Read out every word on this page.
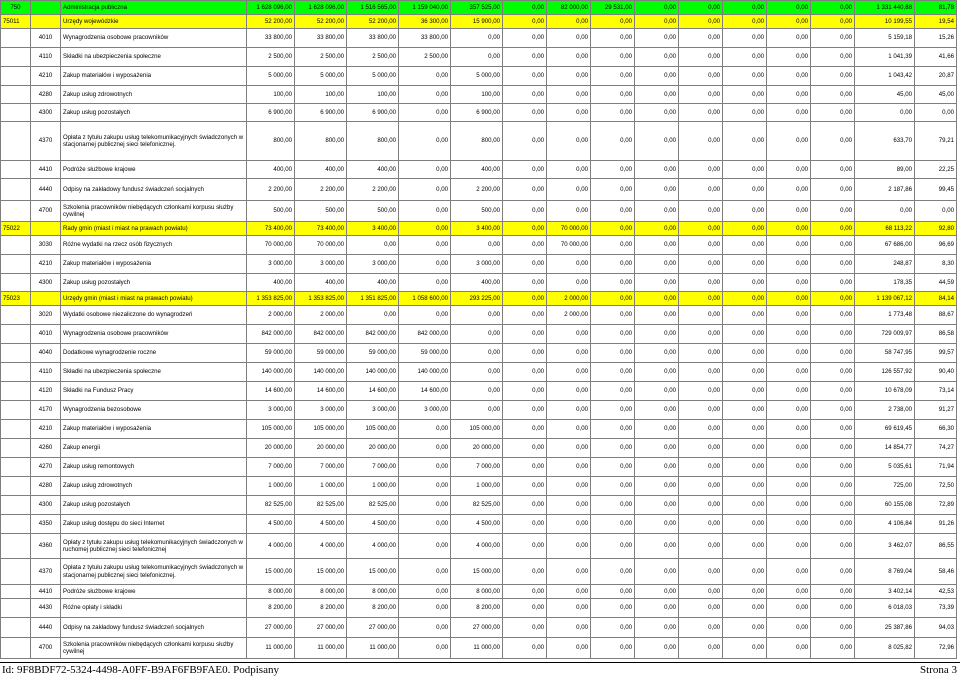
750		Administracja publiczna	1 628 096,00	1 628 096,00	1 516 565,00	1 159 040,00	357 525,00	0,00	82 000,00	29 531,00	0,00	0,00	0,00	0,00	0,00	1 331 440,88	81,78
75011		Urzędy wojewódzkie	52 200,00	52 200,00	52 200,00	36 300,00	15 900,00	0,00	0,00	0,00	0,00	0,00	0,00	0,00	0,00	10 199,55	19,54
	4010	Wynagrodzenia osobowe pracowników	33 800,00	33 800,00	33 800,00	33 800,00	0,00	0,00	0,00	0,00	0,00	0,00	0,00	0,00	0,00	5 159,18	15,26
	4110	Składki na ubezpieczenia społeczne	2 500,00	2 500,00	2 500,00	2 500,00	0,00	0,00	0,00	0,00	0,00	0,00	0,00	0,00	0,00	1 041,39	41,66
	4210	Zakup materiałów i wyposażenia	5 000,00	5 000,00	5 000,00	0,00	5 000,00	0,00	0,00	0,00	0,00	0,00	0,00	0,00	0,00	1 043,42	20,87
	4280	Zakup usług zdrowotnych	100,00	100,00	100,00	0,00	100,00	0,00	0,00	0,00	0,00	0,00	0,00	0,00	0,00	45,00	45,00
	4300	Zakup usług pozostałych	6 900,00	6 900,00	6 900,00	0,00	6 900,00	0,00	0,00	0,00	0,00	0,00	0,00	0,00	0,00	0,00	0,00
	4370	Opłata z tytułu zakupu usług telekomunikacyjnych świadczonych w stacjonarnej publicznej sieci telefonicznej.	800,00	800,00	800,00	0,00	800,00	0,00	0,00	0,00	0,00	0,00	0,00	0,00	0,00	633,70	79,21
	4410	Podróże służbowe krajowe	400,00	400,00	400,00	0,00	400,00	0,00	0,00	0,00	0,00	0,00	0,00	0,00	0,00	89,00	22,25
	4440	Odpisy na zakładowy fundusz świadczeń socjalnych	2 200,00	2 200,00	2 200,00	0,00	2 200,00	0,00	0,00	0,00	0,00	0,00	0,00	0,00	0,00	2 187,86	99,45
	4700	Szkolenia pracowników niebędących członkami korpusu służby cywilnej	500,00	500,00	500,00	0,00	500,00	0,00	0,00	0,00	0,00	0,00	0,00	0,00	0,00	0,00	0,00
75022		Rady gmin (miast i miast na prawach powiatu)	73 400,00	73 400,00	3 400,00	0,00	3 400,00	0,00	70 000,00	0,00	0,00	0,00	0,00	0,00	0,00	68 113,22	92,80
	3030	Różne wydatki na rzecz osób fizycznych	70 000,00	70 000,00	0,00	0,00	0,00	0,00	70 000,00	0,00	0,00	0,00	0,00	0,00	0,00	67 686,00	96,69
	4210	Zakup materiałów i wyposażenia	3 000,00	3 000,00	3 000,00	0,00	3 000,00	0,00	0,00	0,00	0,00	0,00	0,00	0,00	0,00	248,87	8,30
	4300	Zakup usług pozostałych	400,00	400,00	400,00	0,00	400,00	0,00	0,00	0,00	0,00	0,00	0,00	0,00	0,00	178,35	44,59
75023		Urzędy gmin (miast i miast na prawach powiatu)	1 353 825,00	1 353 825,00	1 351 825,00	1 058 600,00	293 225,00	0,00	2 000,00	0,00	0,00	0,00	0,00	0,00	0,00	1 139 067,12	84,14
	3020	Wydatki osobowe niezaliczone do wynagrodzeń	2 000,00	2 000,00	0,00	0,00	0,00	0,00	2 000,00	0,00	0,00	0,00	0,00	0,00	0,00	1 773,48	88,67
	4010	Wynagrodzenia osobowe pracowników	842 000,00	842 000,00	842 000,00	842 000,00	0,00	0,00	0,00	0,00	0,00	0,00	0,00	0,00	0,00	729 009,97	86,58
	4040	Dodatkowe wynagrodzenie roczne	59 000,00	59 000,00	59 000,00	59 000,00	0,00	0,00	0,00	0,00	0,00	0,00	0,00	0,00	0,00	58 747,95	99,57
	4110	Składki na ubezpieczenia społeczne	140 000,00	140 000,00	140 000,00	140 000,00	0,00	0,00	0,00	0,00	0,00	0,00	0,00	0,00	0,00	126 557,92	90,40
	4120	Składki na Fundusz Pracy	14 600,00	14 600,00	14 600,00	14 600,00	0,00	0,00	0,00	0,00	0,00	0,00	0,00	0,00	0,00	10 678,09	73,14
	4170	Wynagrodzenia bezosobowe	3 000,00	3 000,00	3 000,00	3 000,00	0,00	0,00	0,00	0,00	0,00	0,00	0,00	0,00	0,00	2 738,00	91,27
	4210	Zakup materiałów i wyposażenia	105 000,00	105 000,00	105 000,00	0,00	105 000,00	0,00	0,00	0,00	0,00	0,00	0,00	0,00	0,00	69 619,45	66,30
	4260	Zakup energii	20 000,00	20 000,00	20 000,00	0,00	20 000,00	0,00	0,00	0,00	0,00	0,00	0,00	0,00	0,00	14 854,77	74,27
	4270	Zakup usług remontowych	7 000,00	7 000,00	7 000,00	0,00	7 000,00	0,00	0,00	0,00	0,00	0,00	0,00	0,00	0,00	5 035,61	71,94
	4280	Zakup usług zdrowotnych	1 000,00	1 000,00	1 000,00	0,00	1 000,00	0,00	0,00	0,00	0,00	0,00	0,00	0,00	0,00	725,00	72,50
	4300	Zakup usług pozostałych	82 525,00	82 525,00	82 525,00	0,00	82 525,00	0,00	0,00	0,00	0,00	0,00	0,00	0,00	0,00	60 155,08	72,89
	4350	Zakup usług dostępu do sieci Internet	4 500,00	4 500,00	4 500,00	0,00	4 500,00	0,00	0,00	0,00	0,00	0,00	0,00	0,00	0,00	4 106,84	91,26
	4360	Opłaty z tytułu zakupu usług telekomunikacyjnych świadczonych w ruchomej publicznej sieci telefonicznej	4 000,00	4 000,00	4 000,00	0,00	4 000,00	0,00	0,00	0,00	0,00	0,00	0,00	0,00	0,00	3 462,07	86,55
	4370	Opłata z tytułu zakupu usług telekomunikacyjnych świadczonych w stacjonarnej publicznej sieci telefonicznej.	15 000,00	15 000,00	15 000,00	0,00	15 000,00	0,00	0,00	0,00	0,00	0,00	0,00	0,00	0,00	8 769,04	58,46
	4410	Podróże służbowe krajowe	8 000,00	8 000,00	8 000,00	0,00	8 000,00	0,00	0,00	0,00	0,00	0,00	0,00	0,00	0,00	3 402,14	42,53
	4430	Różne opłaty i składki	8 200,00	8 200,00	8 200,00	0,00	8 200,00	0,00	0,00	0,00	0,00	0,00	0,00	0,00	0,00	6 018,03	73,39
	4440	Odpisy na zakładowy fundusz świadczeń socjalnych	27 000,00	27 000,00	27 000,00	0,00	27 000,00	0,00	0,00	0,00	0,00	0,00	0,00	0,00	0,00	25 387,86	94,03
	4700	Szkolenia pracowników niebędących członkami korpusu służby cywilnej	11 000,00	11 000,00	11 000,00	0,00	11 000,00	0,00	0,00	0,00	0,00	0,00	0,00	0,00	0,00	8 025,82	72,96
Id: 9F8BDF72-5324-4498-A0FF-B9AF6FB9FAE0. Podpisany	Strona 3
